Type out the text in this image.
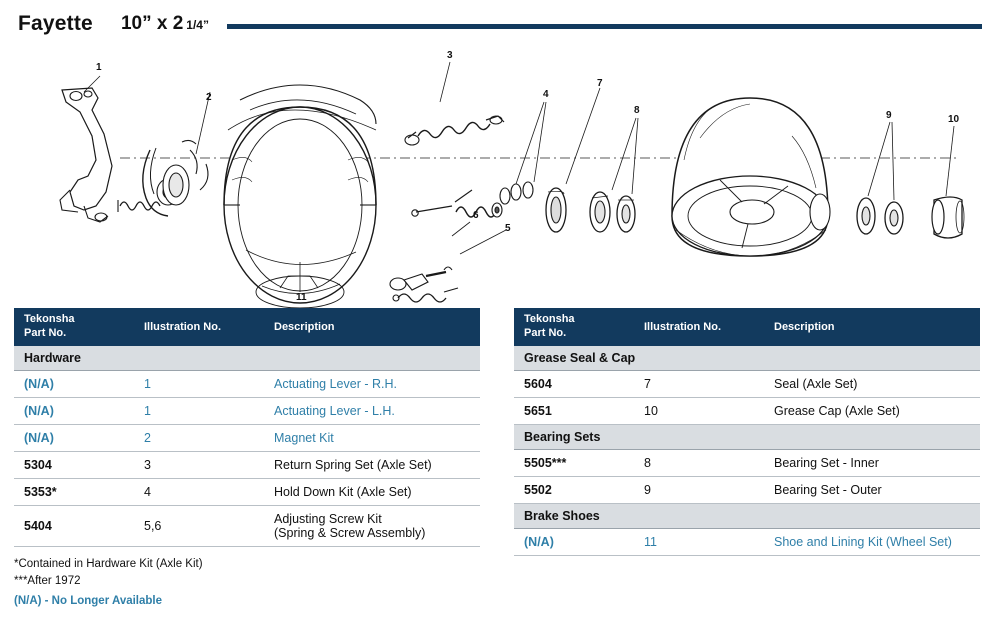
Fayette 10” x 2 1/4”
1
2
3
4
7
8	9	10
11
6
5
Tekonsha
Part No.	Illustration No.	Description
Hardware
(N/A)	1	Actuating Lever - R.H.
(N/A)	1	Actuating Lever - L.H.
(N/A)	2	Magnet Kit
5304	3	Return Spring Set (Axle Set)
5353*	4	Hold Down Kit (Axle Set)
5404	5,6	Adjusting Screw Kit
(Spring & Screw Assembly)
Tekonsha
Part No.	Illustration No.	Description
Grease Seal & Cap
5604	7	Seal (Axle Set)
5651	10	Grease Cap (Axle Set)
Bearing Sets
5505***	8	Bearing Set - Inner
5502	9	Bearing Set - Outer
Brake Shoes
(N/A)	11	Shoe and Lining Kit (Wheel Set)
*Contained in Hardware Kit (Axle Kit)
***After 1972
(N/A) - No Longer Available
